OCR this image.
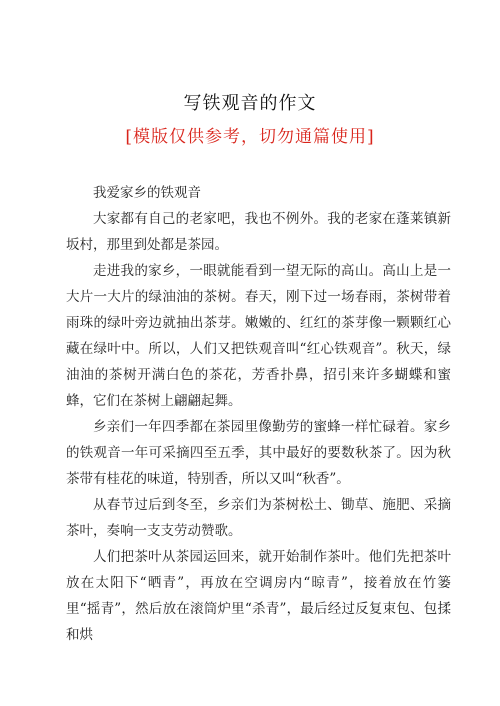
写铁观音的作文
[模版仅供参考，切勿通篇使用]

我爱家乡的铁观音

大家都有自己的老家吧，我也不例外。我的老家在蓬莱镇新坂村，那里到处都是茶园。

走进我的家乡，一眼就能看到一望无际的高山。高山上是一大片一大片的绿油油的茶树。春天，刚下过一场春雨，茶树带着雨珠的绿叶旁边就抽出茶芽。嫩嫩的、红红的茶芽像一颗颗红心藏在绿叶中。所以，人们又把铁观音叫“红心铁观音”。秋天，绿油油的茶树开满白色的茶花，芳香扑鼻，招引来许多蝴蝶和蜜蜂，它们在茶树上翩翩起舞。

乡亲们一年四季都在茶园里像勤劳的蜜蜂一样忙碌着。家乡的铁观音一年可采摘四至五季，其中最好的要数秋茶了。因为秋茶带有桂花的味道，特别香，所以又叫“秋香”。

从春节过后到冬至，乡亲们为茶树松土、锄草、施肥、采摘茶叶，奏响一支支劳动赞歌。

人们把茶叶从茶园运回来，就开始制作茶叶。他们先把茶叶放在太阳下“晒青”，再放在空调房内“晾青”，接着放在竹篓里“摇青”，然后放在滚筒炉里“杀青”，最后经过反复束包、包揉和烘
